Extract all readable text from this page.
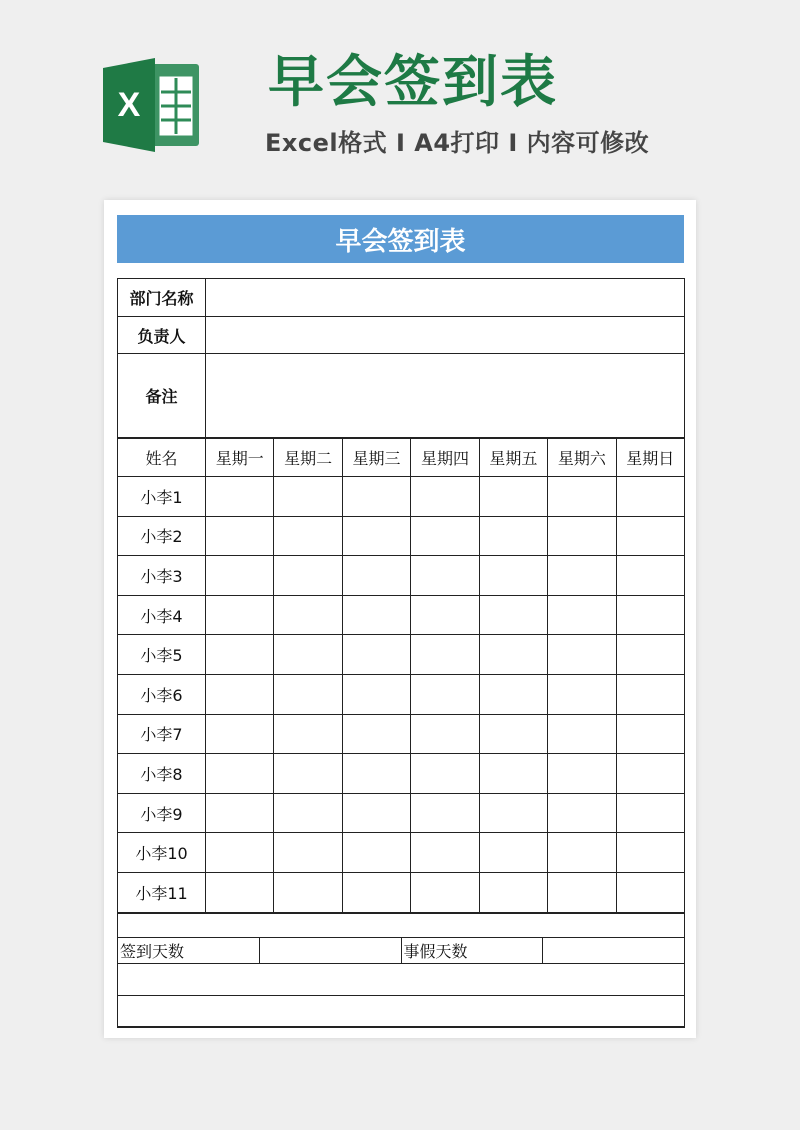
X 早会签到表
Excel格式 I A4打印 I 内容可修改
早会签到表
部门名称	
负责人	
备注	
姓名	星期一	星期二	星期三	星期四	星期五	星期六	星期日
小李1							
小李2							
小李3							
小李4							
小李5							
小李6							
小李7							
小李8							
小李9							
小李10							
小李11							

签到天数		事假天数	
